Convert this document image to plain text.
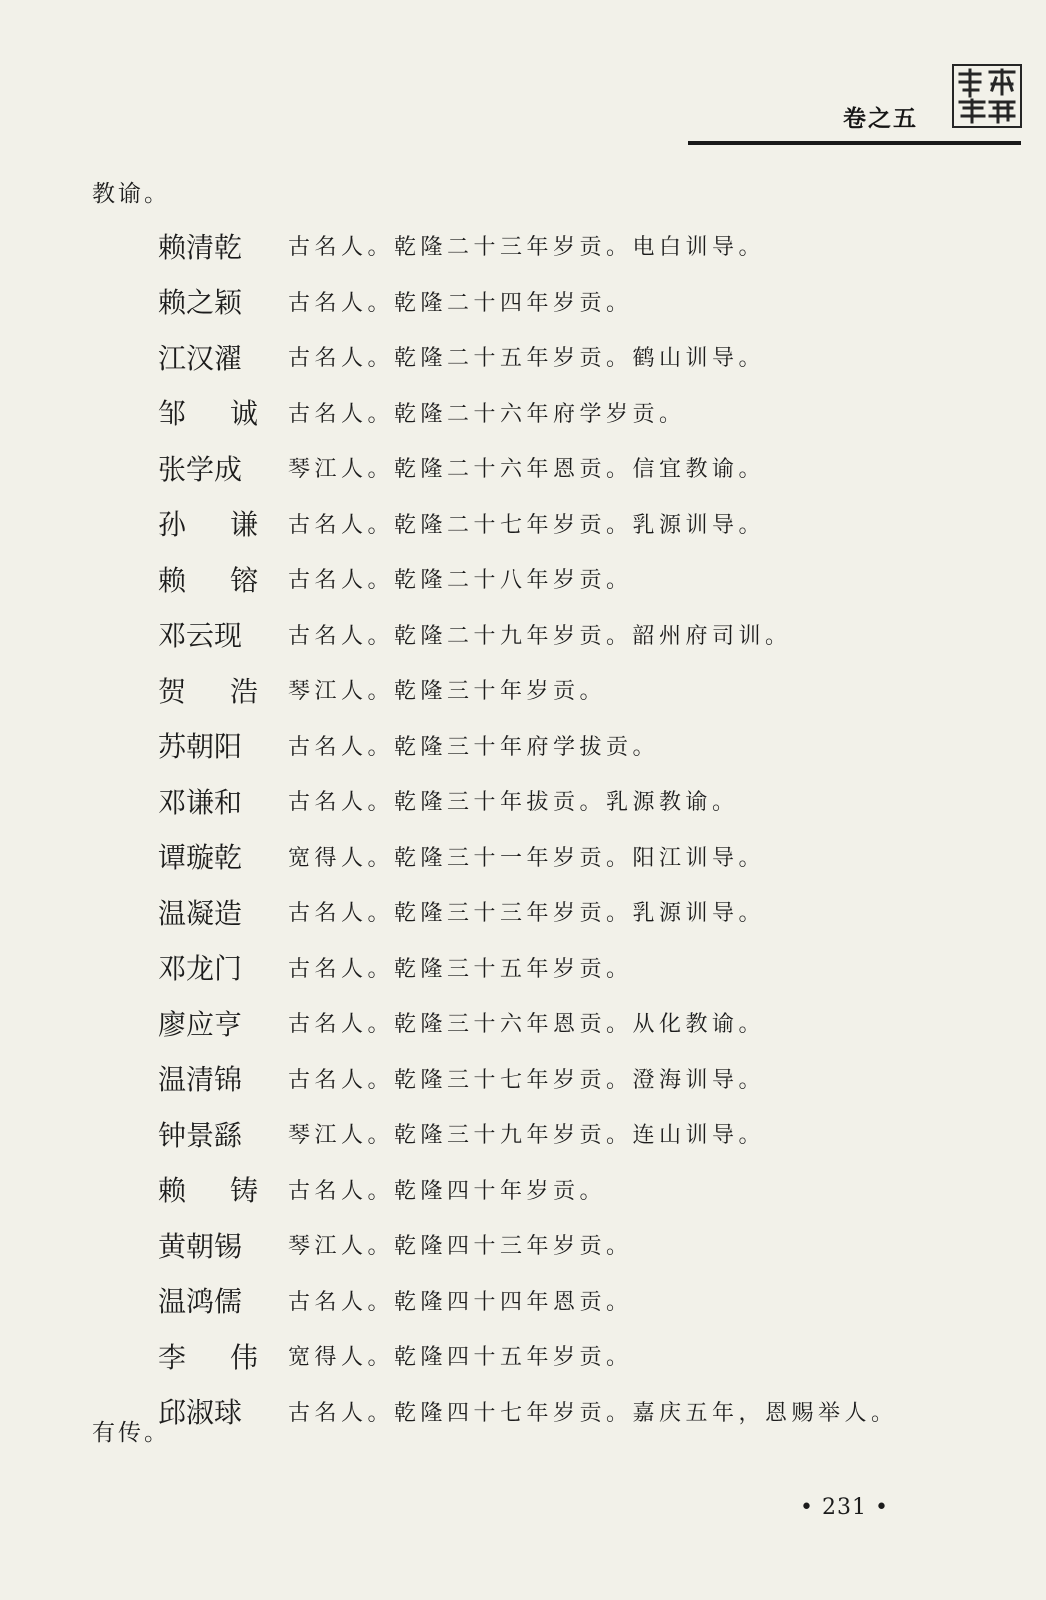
卷之五
教谕。
赖清乾	古名人。乾隆二十三年岁贡。电白训导。
赖之颖	古名人。乾隆二十四年岁贡。
江汉濯	古名人。乾隆二十五年岁贡。鹤山训导。
邹 诚 古名人。乾隆二十六年府学岁贡。
张学成	琴江人。乾隆二十六年恩贡。信宜教谕。
孙 谦 古名人。乾隆二十七年岁贡。乳源训导。
赖 镕 古名人。乾隆二十八年岁贡。
邓云现	古名人。乾隆二十九年岁贡。韶州府司训。
贺 浩 琴江人。乾隆三十年岁贡。
苏朝阳	古名人。乾隆三十年府学拔贡。
邓谦和	古名人。乾隆三十年拔贡。乳源教谕。
谭璇乾	宽得人。乾隆三十一年岁贡。阳江训导。
温凝造	古名人。乾隆三十三年岁贡。乳源训导。
邓龙门	古名人。乾隆三十五年岁贡。
廖应亨	古名人。乾隆三十六年恩贡。从化教谕。
温清锦	古名人。乾隆三十七年岁贡。澄海训导。
钟景繇	琴江人。乾隆三十九年岁贡。连山训导。
赖 铸 古名人。乾隆四十年岁贡。
黄朝锡	琴江人。乾隆四十三年岁贡。
温鸿儒	古名人。乾隆四十四年恩贡。
李 伟 宽得人。乾隆四十五年岁贡。
邱淑球	古名人。乾隆四十七年岁贡。嘉庆五年，恩赐举人。
有传。
• 231 •
